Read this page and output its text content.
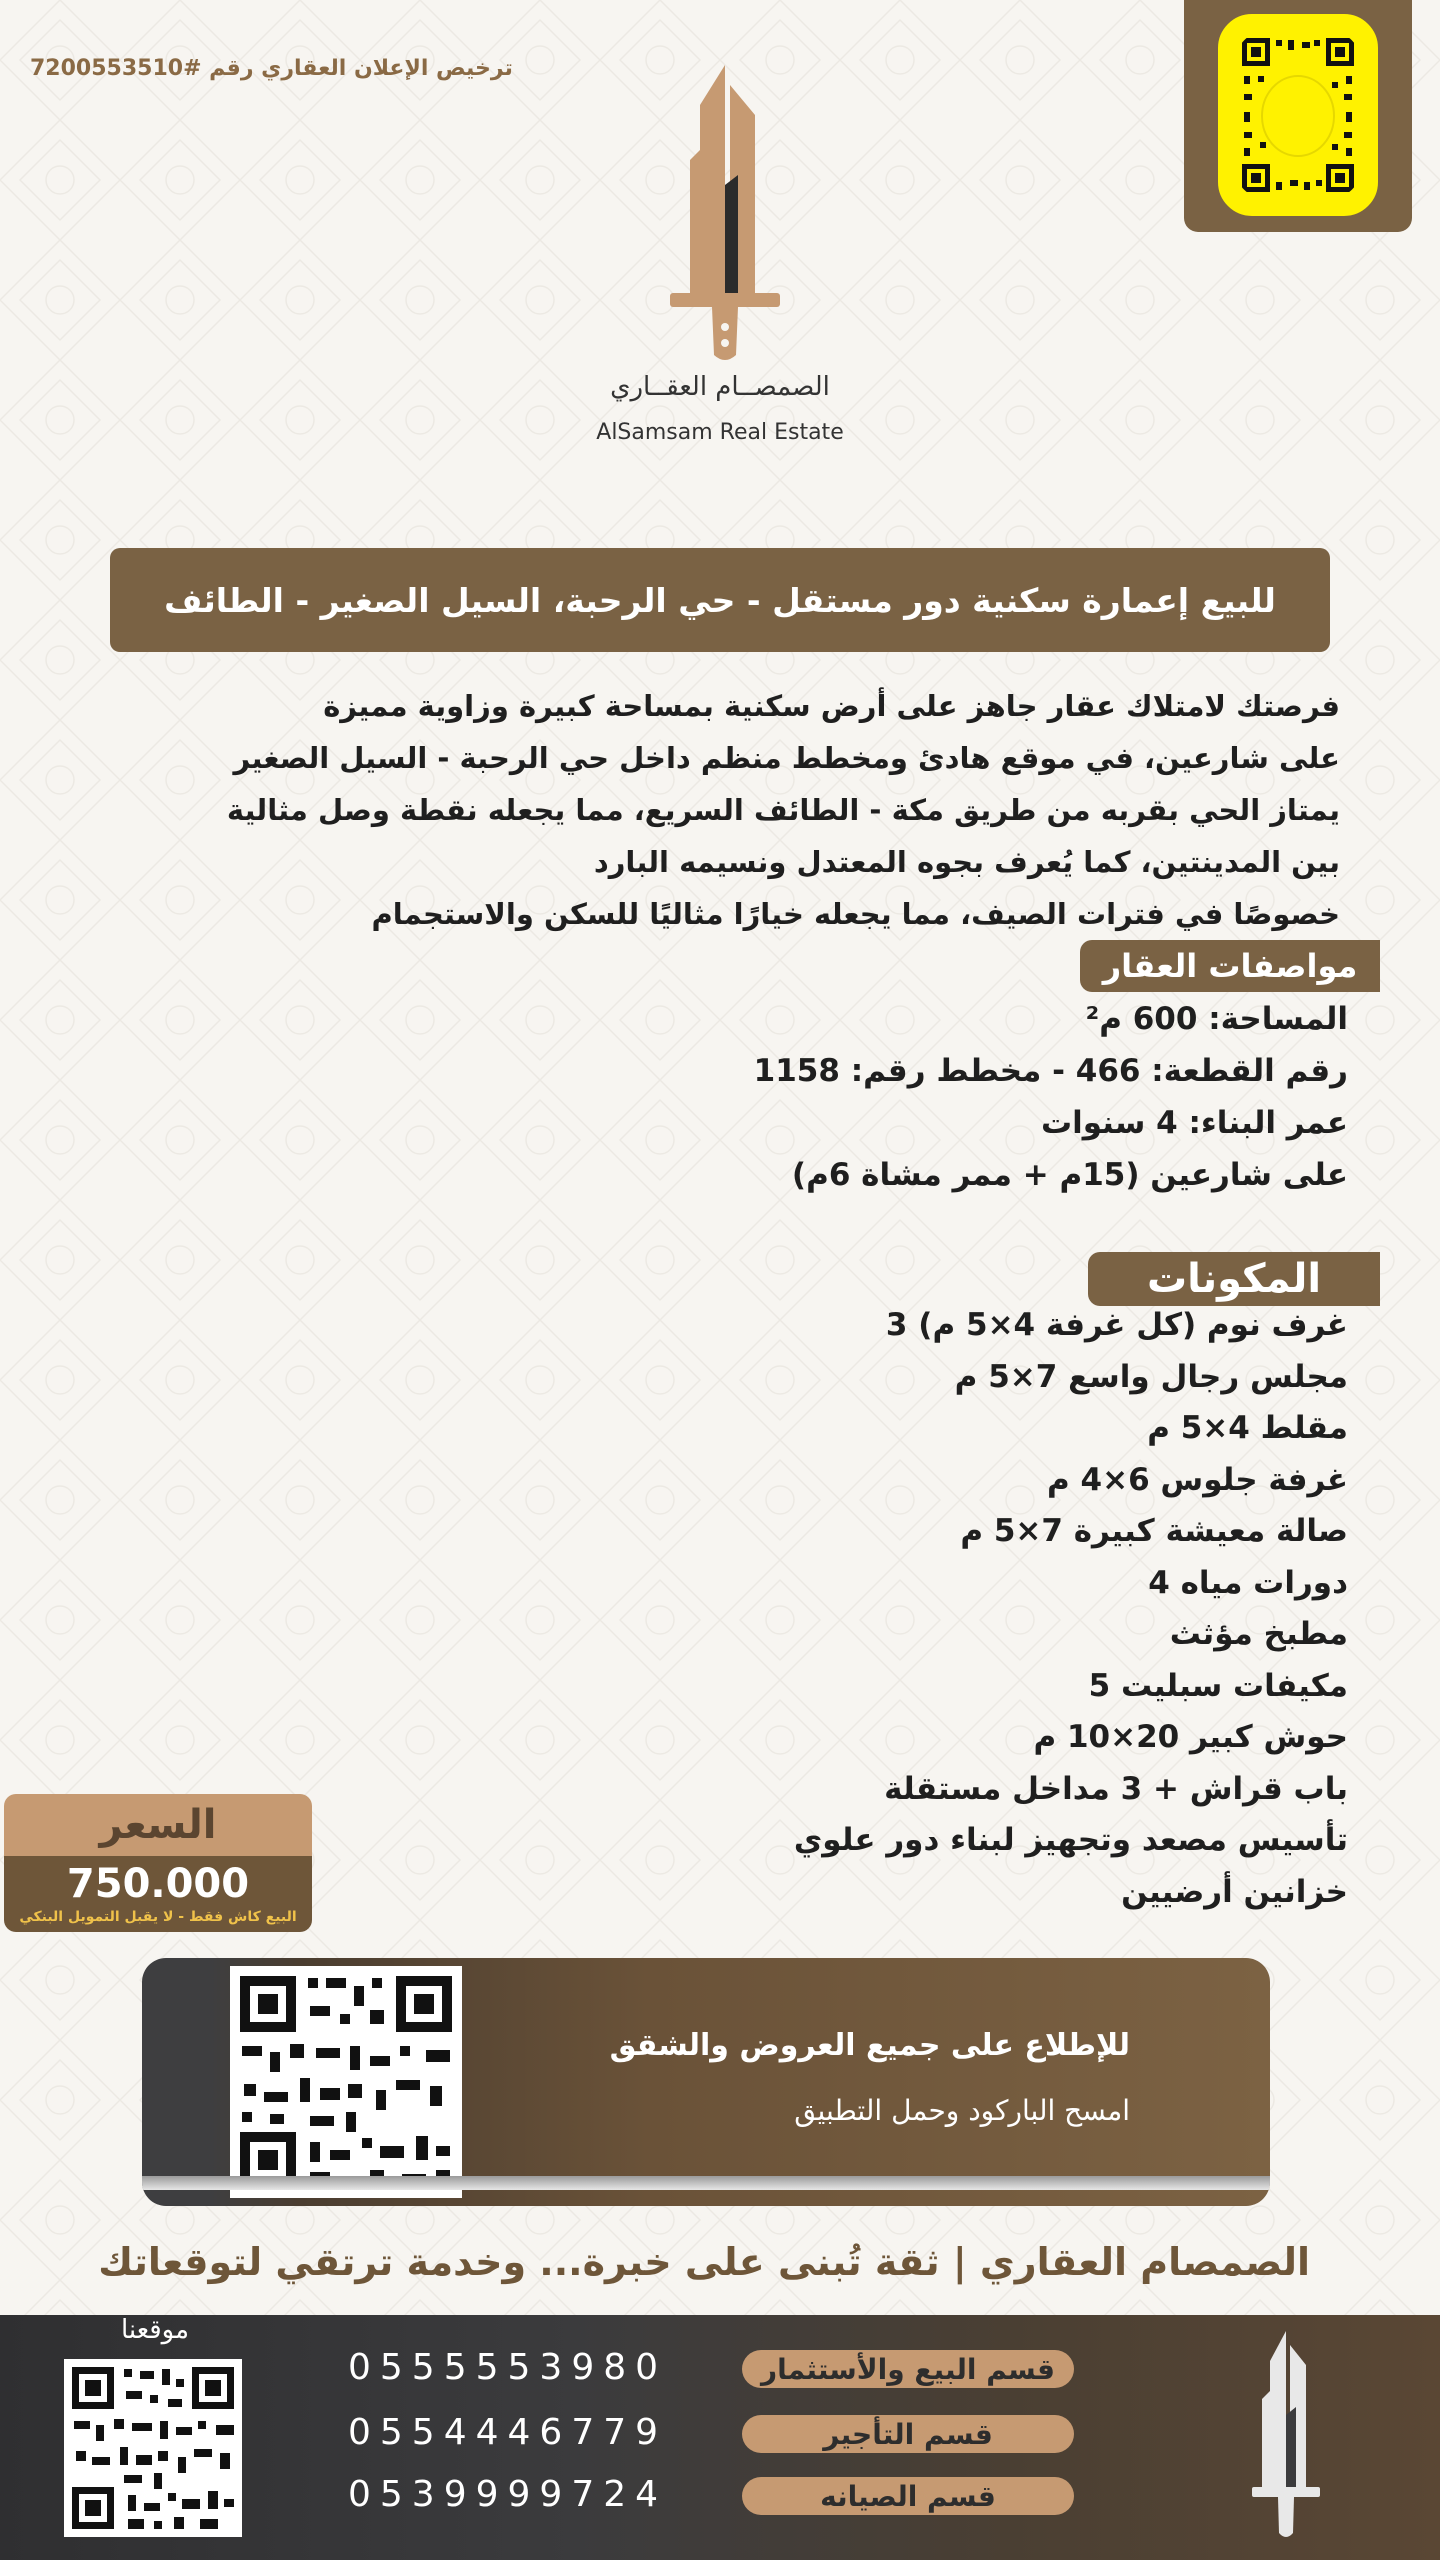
ترخيص الإعلان العقاري رقم #7200553510
الصمصــام العقــاري
AlSamsam Real Estate
للبيع إعمارة سكنية دور مستقل - حي الرحبة، السيل الصغير - الطائف
فرصتك لامتلاك عقار جاهز على أرض سكنية بمساحة كبيرة وزاوية مميزة
على شارعين، في موقع هادئ ومخطط منظم داخل حي الرحبة - السيل الصغير
يمتاز الحي بقربه من طريق مكة - الطائف السريع، مما يجعله نقطة وصل مثالية
بين المدينتين، كما يُعرف بجوه المعتدل ونسيمه البارد
خصوصًا في فترات الصيف، مما يجعله خيارًا مثاليًا للسكن والاستجمام
مواصفات العقار
المساحة: 600 م²
رقم القطعة: 466 - مخطط رقم: 1158
عمر البناء: 4 سنوات
على شارعين (15م + ممر مشاة 6م)
المكونات
غرف نوم (كل غرفة 4×5 م) 3
مجلس رجال واسع 7×5 م
مقلط 4×5 م
غرفة جلوس 6×4 م
صالة معيشة كبيرة 7×5 م
دورات مياه 4
مطبخ مؤثث
مكيفات سبليت 5
حوش كبير 20×10 م
باب قراش + 3 مداخل مستقلة
تأسيس مصعد وتجهيز لبناء دور علوي
خزانين أرضيين
السعر
750.000
البيع كاش فقط - لا يقبل التمويل البنكي
للإطلاع على جميع العروض والشقق
امسح الباركود وحمل التطبيق
الصمصام العقاري | ثقة تُبنى على خبرة... وخدمة ترتقي لتوقعاتك
قسم البيع والأستثمار
قسم التأجير
قسم الصيانه
0555553980
0554446779
0539999724
موقعنا
